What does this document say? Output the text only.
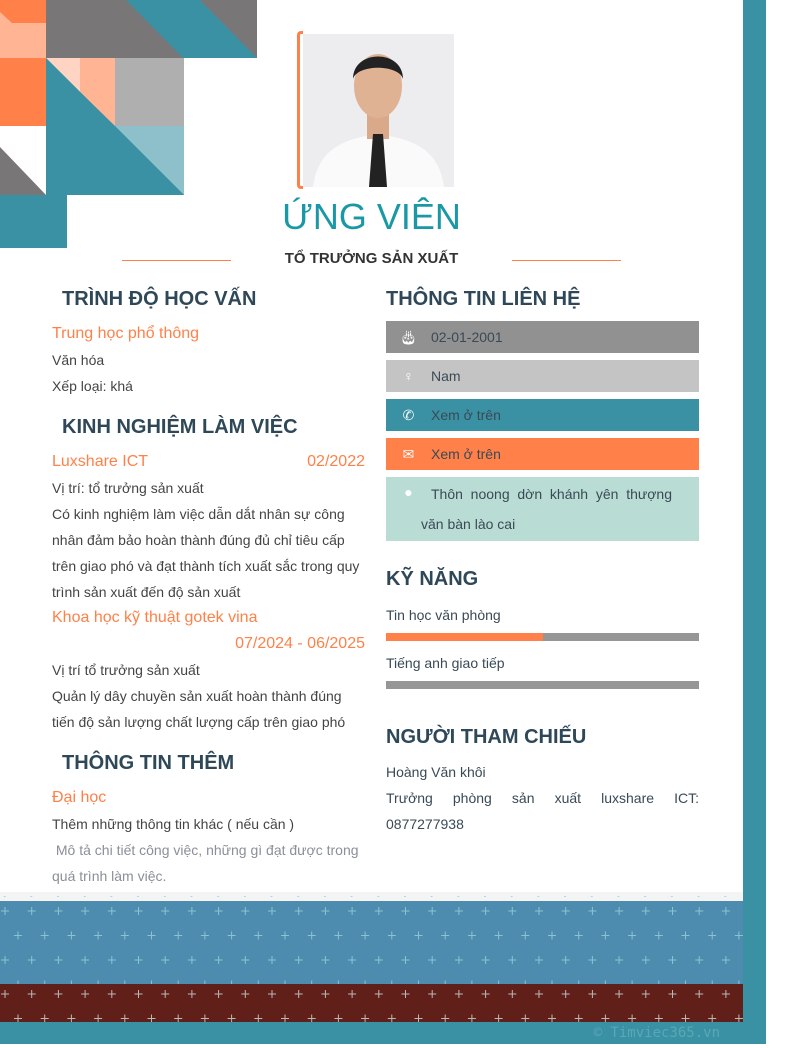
ỨNG VIÊN
TỔ TRƯỞNG SẢN XUẤT
TRÌNH ĐỘ HỌC VẤN
Trung học phổ thông
Văn hóa
Xếp loại: khá
KINH NGHIỆM LÀM VIỆC
Luxshare ICT	02/2022
Vị trí: tổ trưởng sản xuất
Có kinh nghiệm làm việc dẫn dắt nhân sự công nhân đảm bảo hoàn thành đúng đủ chỉ tiêu cấp trên giao phó và đạt thành tích xuất sắc trong quy trình sản xuất đến độ sản xuất
Khoa học kỹ thuật gotek vina
07/2024 - 06/2025
Vị trí tổ trưởng sản xuất
Quản lý dây chuyền sản xuất hoàn thành đúng tiến độ sản lượng chất lượng cấp trên giao phó
THÔNG TIN THÊM
Đại học
Thêm những thông tin khác ( nếu cần )
Mô tả chi tiết công việc, những gì đạt được trong quá trình làm việc.
THÔNG TIN LIÊN HỆ
🎂︎ 02-01-2001
♀	Nam
✆	Xem ở trên
✉	Xem ở trên
●	Thôn noong dờn khánh yên thượng văn bàn lào cai
KỸ NĂNG
Tin học văn phòng
Tiếng anh giao tiếp
NGƯỜI THAM CHIẾU
Hoàng Văn khôi
Trưởng phòng sản xuất luxshare ICT: 0877277938
© Timviec365.vn
